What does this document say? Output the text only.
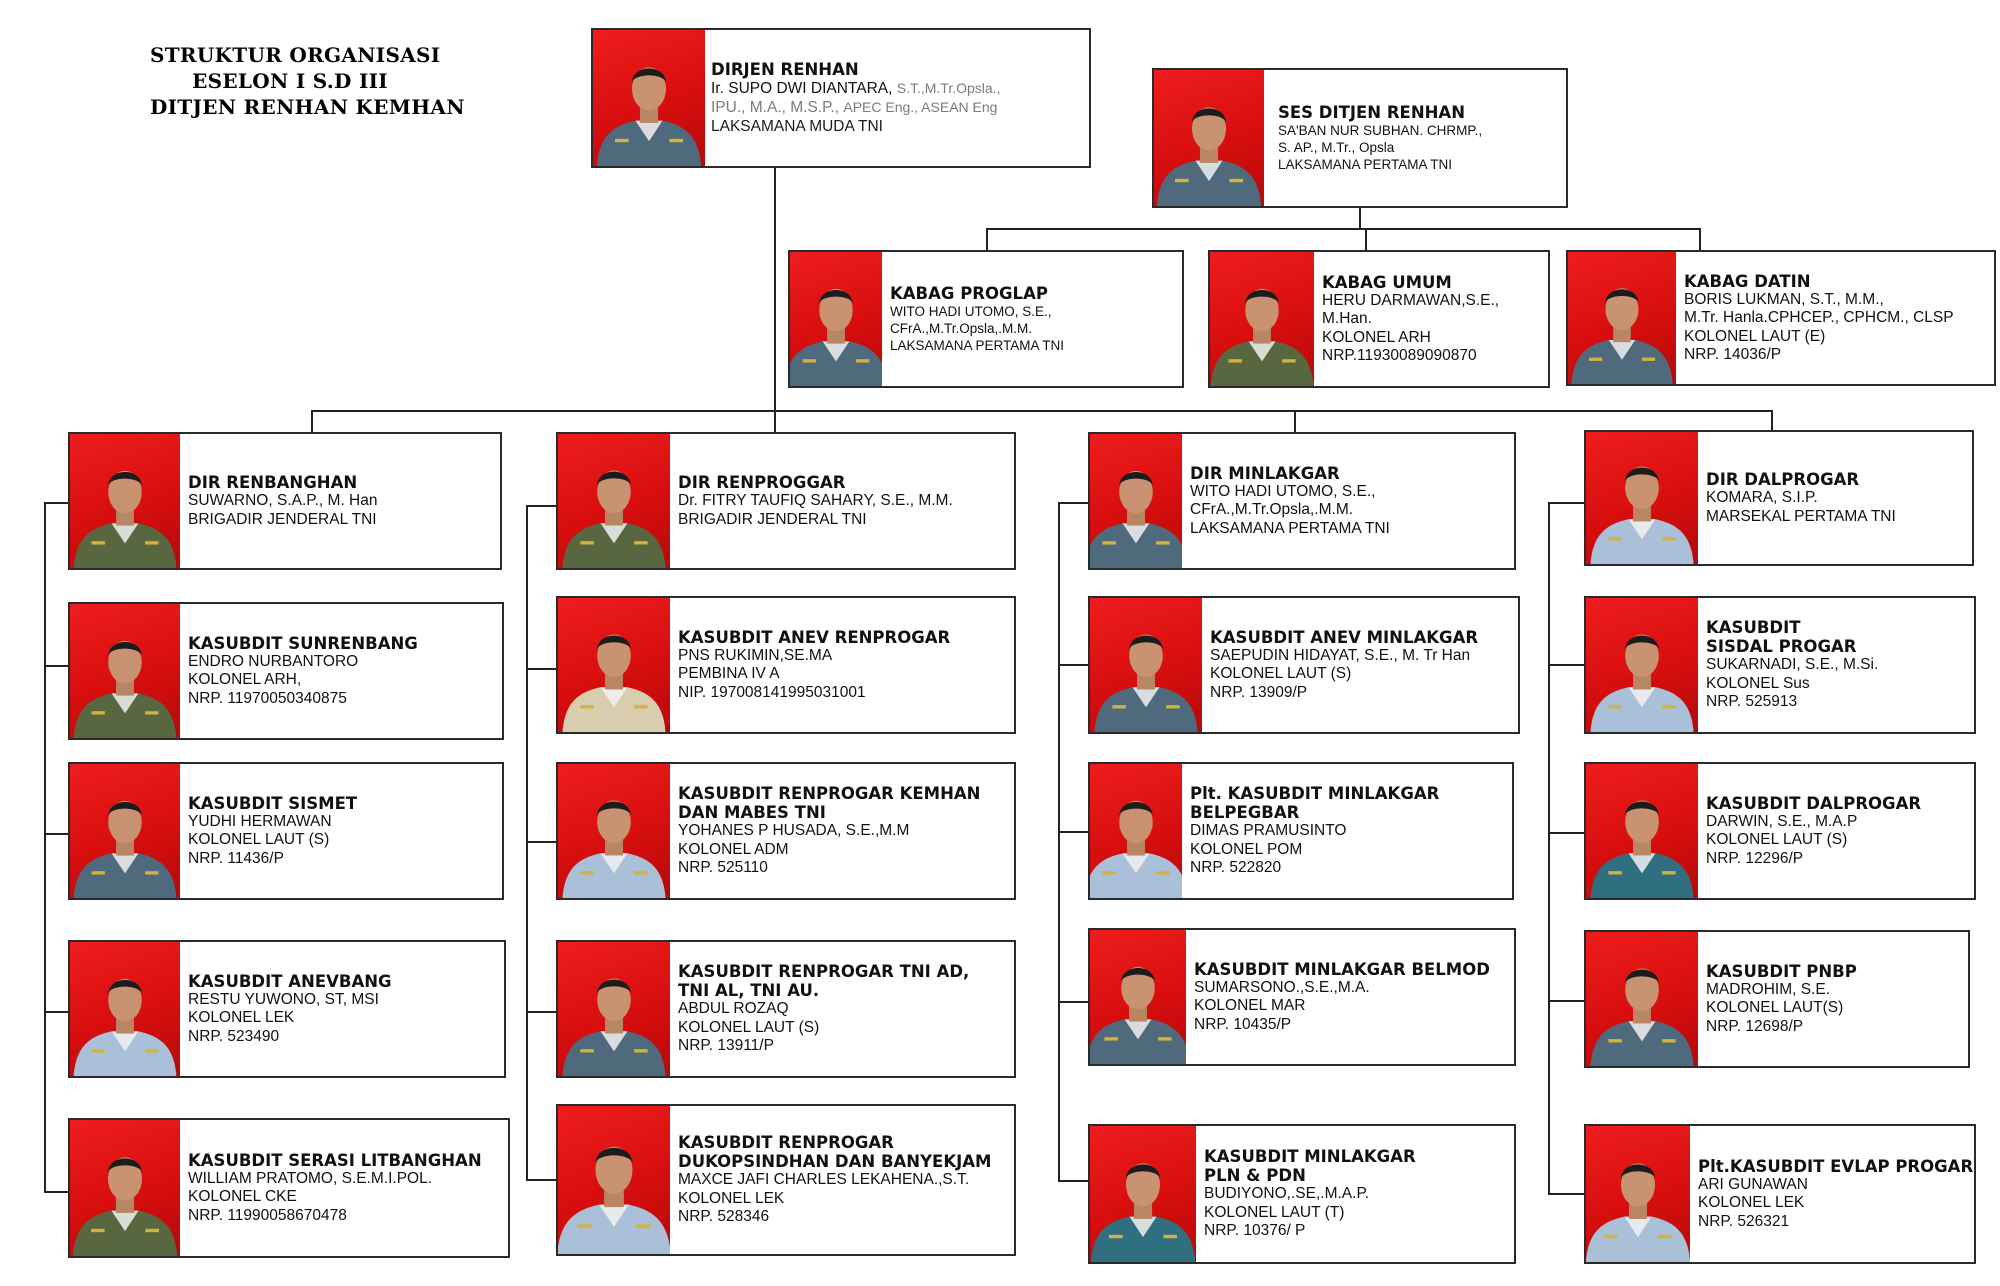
STRUKTUR ORGANISASI
ESELON I S.D III
DITJEN RENHAN KEMHAN
DIRJEN RENHAN
Ir. SUPO DWI DIANTARA, S.T.,M.Tr.Opsla.,
IPU., M.A., M.S.P., APEC Eng., ASEAN Eng
LAKSAMANA MUDA TNI
SES DITJEN RENHAN
SA'BAN NUR SUBHAN. CHRMP.,
S. AP., M.Tr., Opsla
LAKSAMANA PERTAMA TNI
KABAG PROGLAP
WITO HADI UTOMO, S.E.,
CFrA.,M.Tr.Opsla,.M.M.
LAKSAMANA PERTAMA TNI
KABAG UMUM
HERU DARMAWAN,S.E.,
M.Han.
KOLONEL ARH
NRP.11930089090870
KABAG DATIN
BORIS LUKMAN, S.T., M.M.,
M.Tr. Hanla.CPHCEP., CPHCM., CLSP
KOLONEL LAUT (E)
NRP. 14036/P
DIR RENBANGHAN
SUWARNO, S.A.P., M. Han
BRIGADIR JENDERAL TNI
KASUBDIT SUNRENBANG
ENDRO NURBANTORO
KOLONEL ARH,
NRP. 11970050340875
KASUBDIT SISMET
YUDHI HERMAWAN
KOLONEL LAUT (S)
NRP. 11436/P
KASUBDIT ANEVBANG
RESTU YUWONO, ST, MSI
KOLONEL LEK
NRP. 523490
KASUBDIT SERASI LITBANGHAN
WILLIAM PRATOMO, S.E.M.I.POL.
KOLONEL CKE
NRP. 11990058670478
DIR RENPROGGAR
Dr. FITRY TAUFIQ SAHARY, S.E., M.M.
BRIGADIR JENDERAL TNI
KASUBDIT ANEV RENPROGAR
PNS RUKIMIN,SE.MA
PEMBINA IV A
NIP. 197008141995031001
KASUBDIT RENPROGAR KEMHAN
DAN MABES TNI
YOHANES P HUSADA, S.E.,M.M
KOLONEL ADM
NRP. 525110
KASUBDIT RENPROGAR TNI AD,
TNI AL, TNI AU.
ABDUL ROZAQ
KOLONEL LAUT (S)
NRP. 13911/P
KASUBDIT RENPROGAR
DUKOPSINDHAN DAN BANYEKJAM
MAXCE JAFI CHARLES LEKAHENA.,S.T.
KOLONEL LEK
NRP. 528346
DIR MINLAKGAR
WITO HADI UTOMO, S.E.,
CFrA.,M.Tr.Opsla,.M.M.
LAKSAMANA PERTAMA TNI
KASUBDIT ANEV MINLAKGAR
SAEPUDIN HIDAYAT, S.E., M. Tr Han
KOLONEL LAUT (S)
NRP. 13909/P
Plt. KASUBDIT MINLAKGAR
BELPEGBAR
DIMAS PRAMUSINTO
KOLONEL POM
NRP. 522820
KASUBDIT MINLAKGAR BELMOD
SUMARSONO.,S.E.,M.A.
KOLONEL MAR
NRP. 10435/P
KASUBDIT MINLAKGAR
PLN & PDN
BUDIYONO,.SE,.M.A.P.
KOLONEL LAUT (T)
NRP. 10376/ P
DIR DALPROGAR
KOMARA, S.I.P.
MARSEKAL PERTAMA TNI
KASUBDIT
SISDAL PROGAR
SUKARNADI, S.E., M.Si.
KOLONEL Sus
NRP. 525913
KASUBDIT DALPROGAR
DARWIN, S.E., M.A.P
KOLONEL LAUT (S)
NRP. 12296/P
KASUBDIT PNBP
MADROHIM, S.E.
KOLONEL LAUT(S)
NRP. 12698/P
Plt.KASUBDIT EVLAP PROGAR
ARI GUNAWAN
KOLONEL LEK
NRP. 526321
